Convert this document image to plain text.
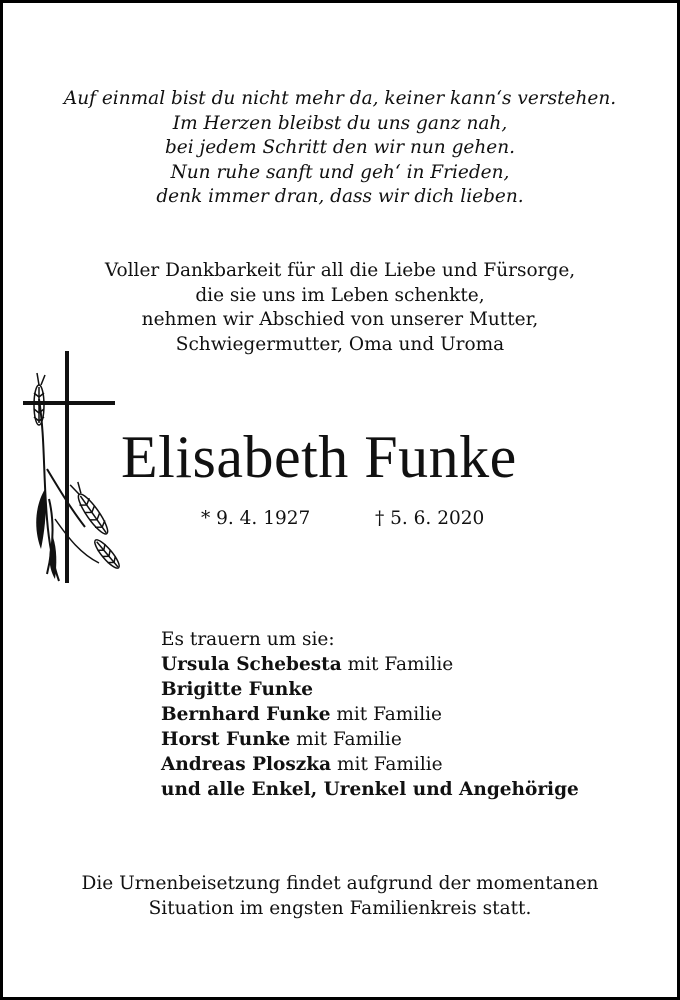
Auf einmal bist du nicht mehr da, keiner kann‘s verstehen.
Im Herzen bleibst du uns ganz nah,
bei jedem Schritt den wir nun gehen.
Nun ruhe sanft und geh‘ in Frieden,
denk immer dran, dass wir dich lieben.
Voller Dankbarkeit für all die Liebe und Fürsorge,
die sie uns im Leben schenkte,
nehmen wir Abschied von unserer Mutter,
Schwiegermutter, Oma und Uroma
Elisabeth Funke
* 9. 4. 1927	† 5. 6. 2020
Es trauern um sie:
Ursula Schebesta mit Familie
Brigitte Funke
Bernhard Funke mit Familie
Horst Funke mit Familie
Andreas Ploszka mit Familie
und alle Enkel, Urenkel und Angehörige
Die Urnenbeisetzung findet aufgrund der momentanen
Situation im engsten Familienkreis statt.
